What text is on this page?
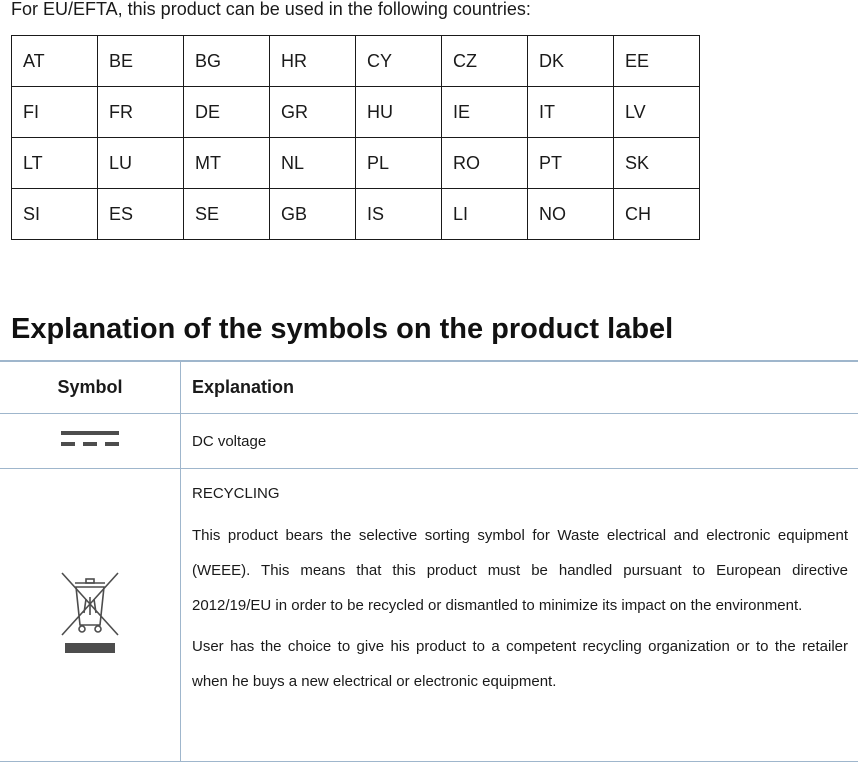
For EU/EFTA, this product can be used in the following countries:

AT	BE	BG	HR	CY	CZ	DK	EE
FI	FR	DE	GR	HU	IE	IT	LV
LT	LU	MT	NL	PL	RO	PT	SK
SI	ES	SE	GB	IS	LI	NO	CH
Explanation of the symbols on the product label
Symbol	Explanation

	DC voltage

RECYCLING

This product bears the selective sorting symbol for Waste electrical and electronic equipment (WEEE). This means that this product must be handled pursuant to European directive 2012/19/EU in order to be recycled or dismantled to minimize its impact on the environment.

User has the choice to give his product to a competent recycling organization or to the retailer when he buys a new electrical or electronic equipment.
